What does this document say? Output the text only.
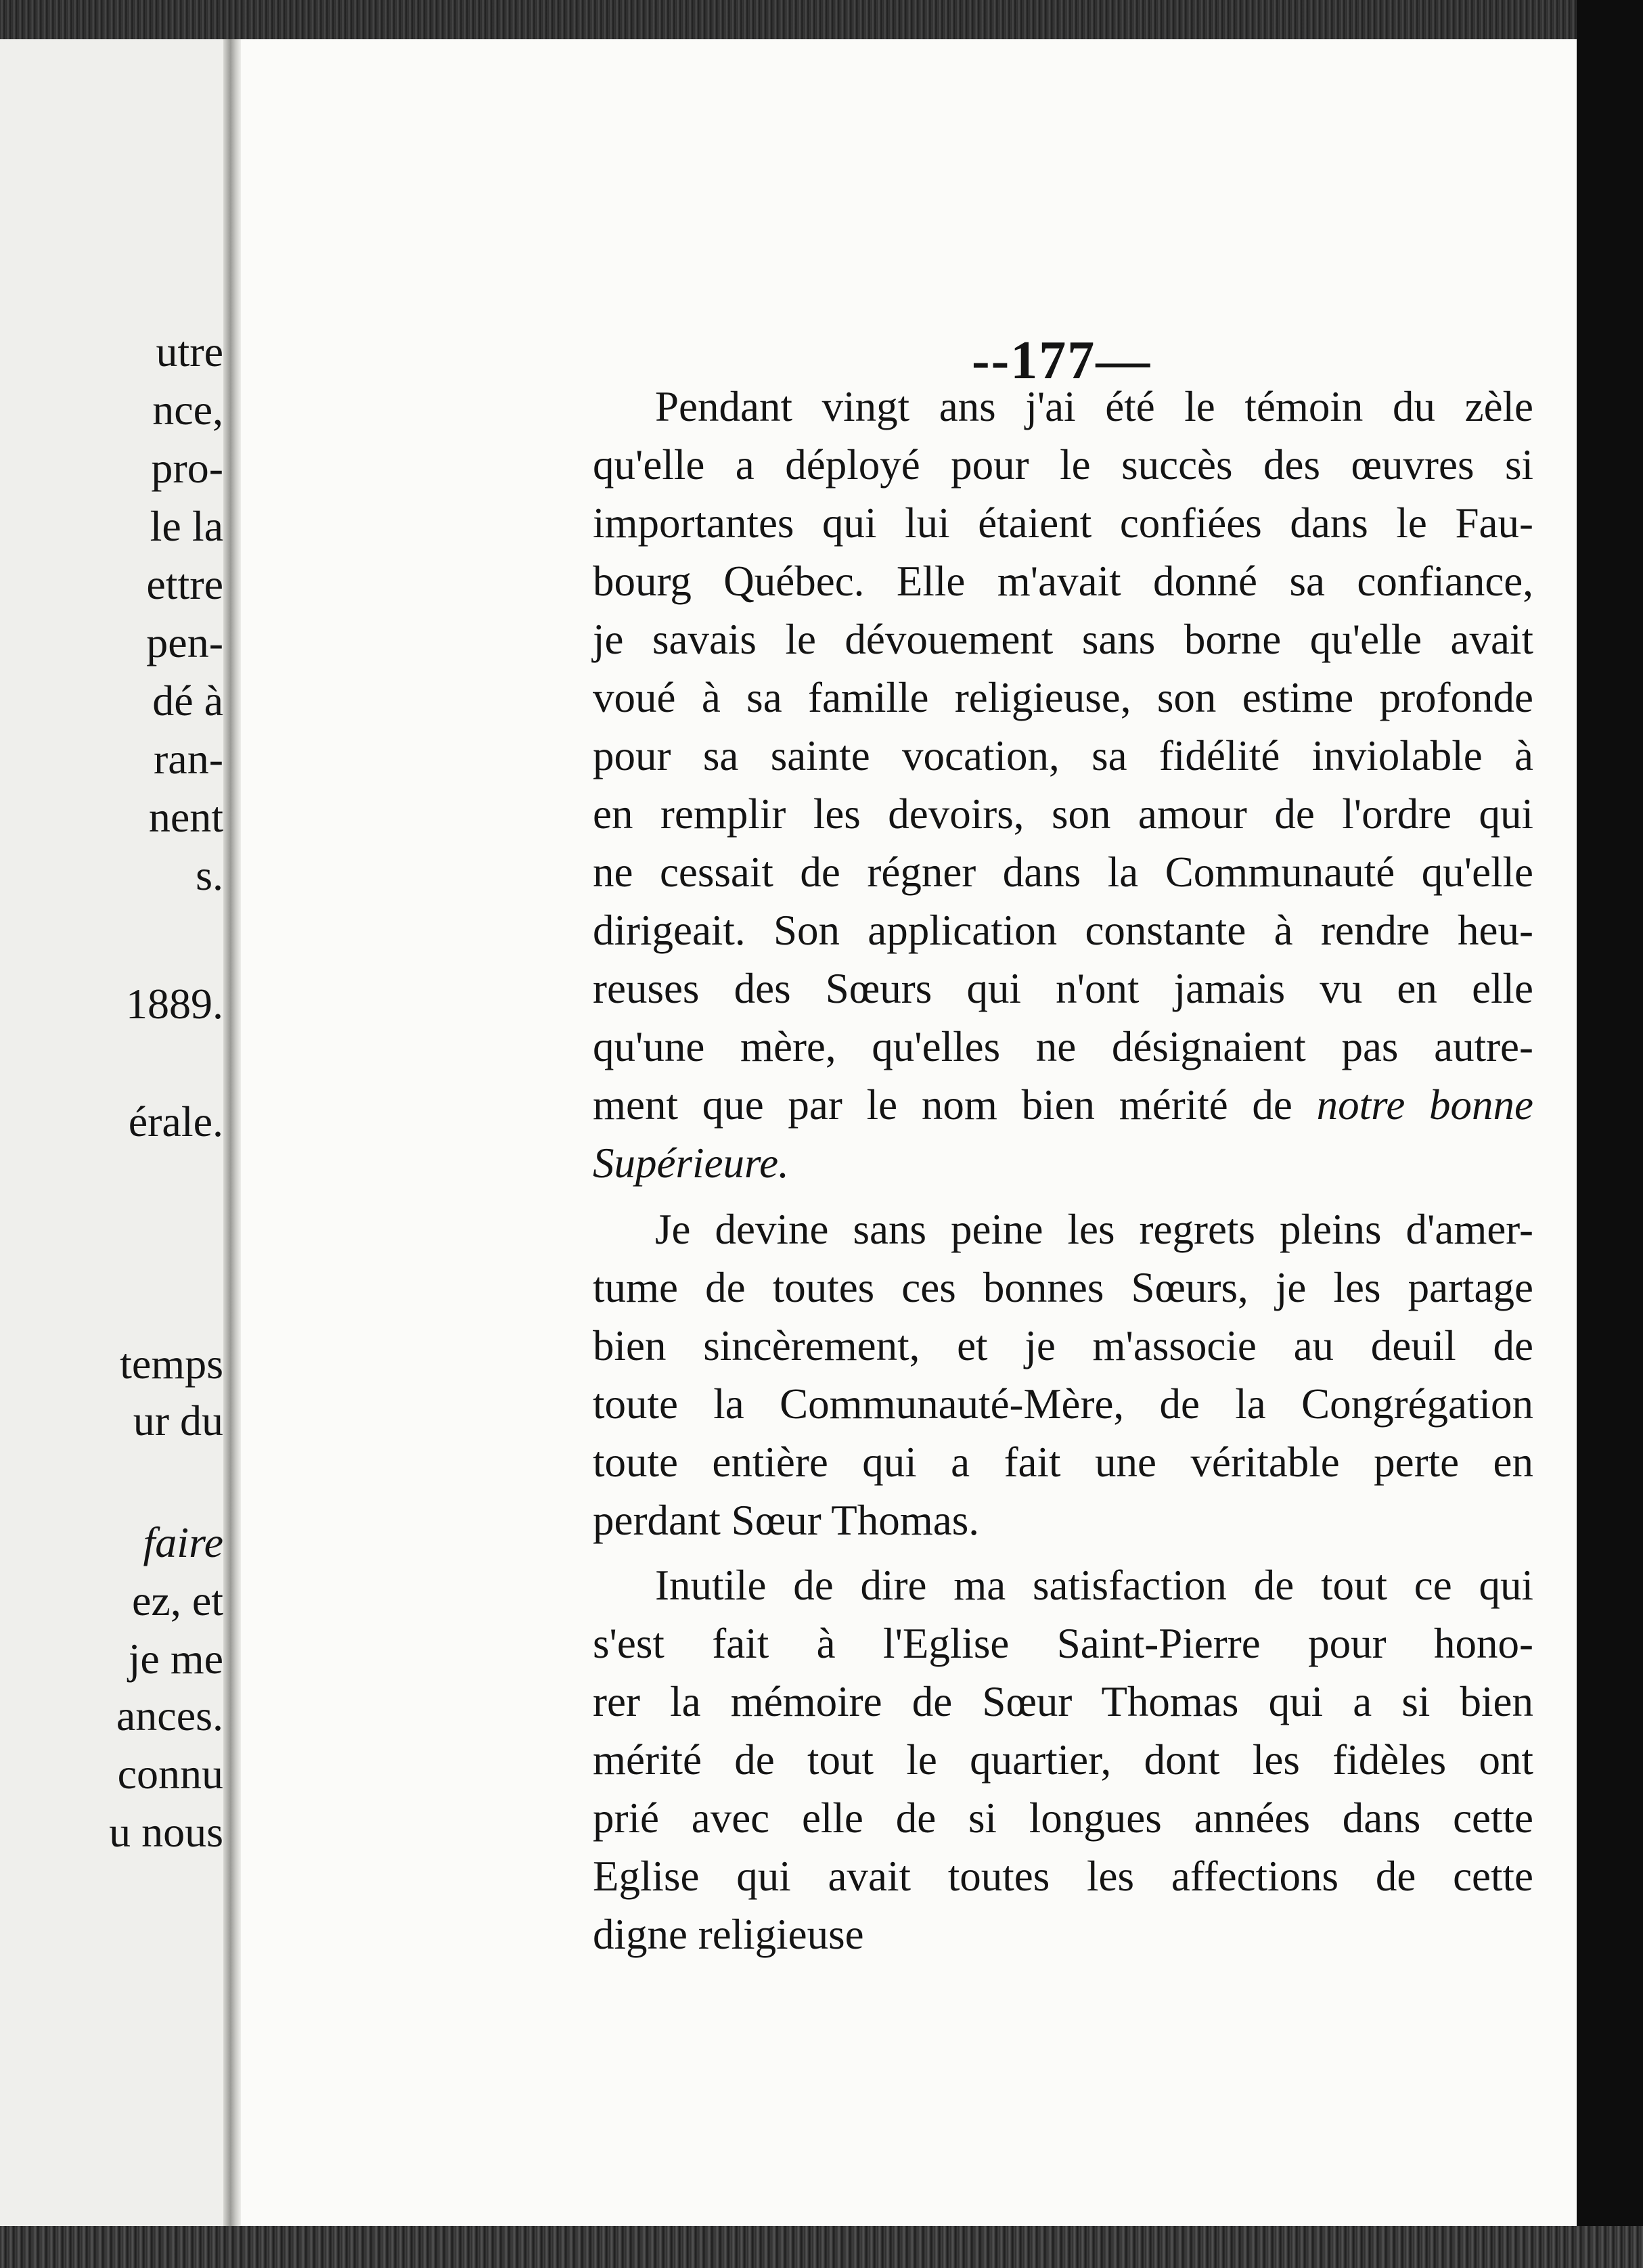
utre
nce,
pro-
le la
ettre
pen-
dé à
ran-
nent
s.
1889.
érale.
temps
ur du
faire
ez, et
je me
ances.
connu
u nous
--177—
Pendant vingt ans j'ai été le témoin du zèle
qu'elle a déployé pour le succès des œuvres si
importantes qui lui étaient confiées dans le Fau-
bourg Québec. Elle m'avait donné sa confiance,
je savais le dévouement sans borne qu'elle avait
voué à sa famille religieuse, son estime profonde
pour sa sainte vocation, sa fidélité inviolable à
en remplir les devoirs, son amour de l'ordre qui
ne cessait de régner dans la Communauté qu'elle
dirigeait. Son application constante à rendre heu-
reuses des Sœurs qui n'ont jamais vu en elle
qu'une mère, qu'elles ne désignaient pas autre-
ment que par le nom bien mérité de notre bonne
Supérieure.
Je devine sans peine les regrets pleins d'amer-
tume de toutes ces bonnes Sœurs, je les partage
bien sincèrement, et je m'associe au deuil de
toute la Communauté-Mère, de la Congrégation
toute entière qui a fait une véritable perte en
perdant Sœur Thomas.
Inutile de dire ma satisfaction de tout ce qui
s'est fait à l'Eglise Saint-Pierre pour hono-
rer la mémoire de Sœur Thomas qui a si bien
mérité de tout le quartier, dont les fidèles ont
prié avec elle de si longues années dans cette
Eglise qui avait toutes les affections de cette
digne religieuse
